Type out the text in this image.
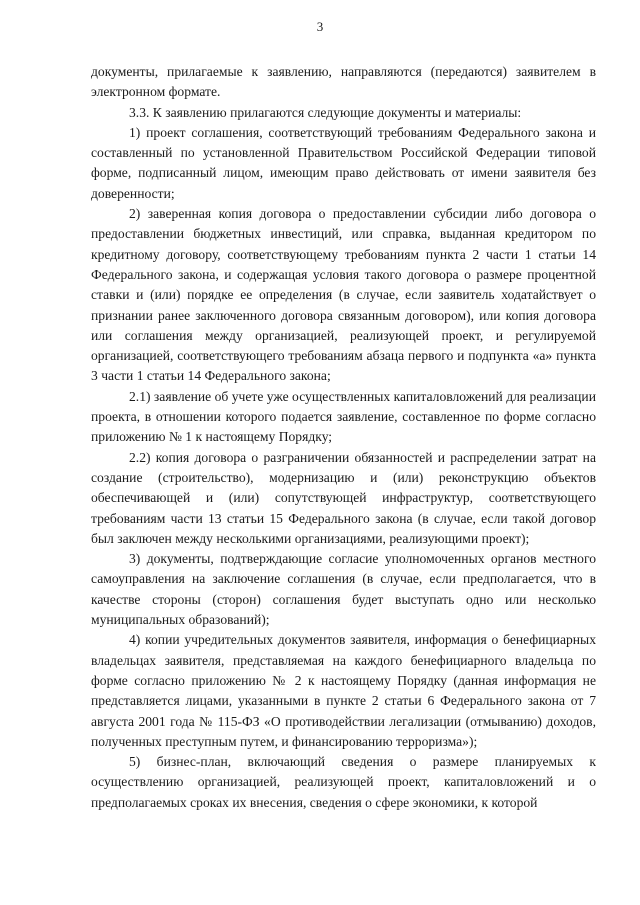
3

документы, прилагаемые к заявлению, направляются (передаются) заявителем в электронном формате.

3.3. К заявлению прилагаются следующие документы и материалы:

1) проект соглашения, соответствующий требованиям Федерального закона и составленный по установленной Правительством Российской Федерации типовой форме, подписанный лицом, имеющим право действовать от имени заявителя без доверенности;

2) заверенная копия договора о предоставлении субсидии либо договора о предоставлении бюджетных инвестиций, или справка, выданная кредитором по кредитному договору, соответствующему требованиям пункта 2 части 1 статьи 14 Федерального закона, и содержащая условия такого договора о размере процентной ставки и (или) порядке ее определения (в случае, если заявитель ходатайствует о признании ранее заключенного договора связанным договором), или копия договора или соглашения между организацией, реализующей проект, и регулируемой организацией, соответствующего требованиям абзаца первого и подпункта «а» пункта 3 части 1 статьи 14 Федерального закона;

2.1) заявление об учете уже осуществленных капиталовложений для реализации проекта, в отношении которого подается заявление, составленное по форме согласно приложению № 1 к настоящему Порядку;

2.2) копия договора о разграничении обязанностей и распределении затрат на создание (строительство), модернизацию и (или) реконструкцию объектов обеспечивающей и (или) сопутствующей инфраструктур, соответствующего требованиям части 13 статьи 15 Федерального закона (в случае, если такой договор был заключен между несколькими организациями, реализующими проект);

3) документы, подтверждающие согласие уполномоченных органов местного самоуправления на заключение соглашения (в случае, если предполагается, что в качестве стороны (сторон) соглашения будет выступать одно или несколько муниципальных образований);

4) копии учредительных документов заявителя, информация о бенефициарных владельцах заявителя, представляемая на каждого бенефициарного владельца по форме согласно приложению № 2 к настоящему Порядку (данная информация не представляется лицами, указанными в пункте 2 статьи 6 Федерального закона от 7 августа 2001 года № 115-ФЗ «О противодействии легализации (отмыванию) доходов, полученных преступным путем, и финансированию терроризма»);

5) бизнес-план, включающий сведения о размере планируемых к осуществлению организацией, реализующей проект, капиталовложений и о предполагаемых сроках их внесения, сведения о сфере экономики, к которой
